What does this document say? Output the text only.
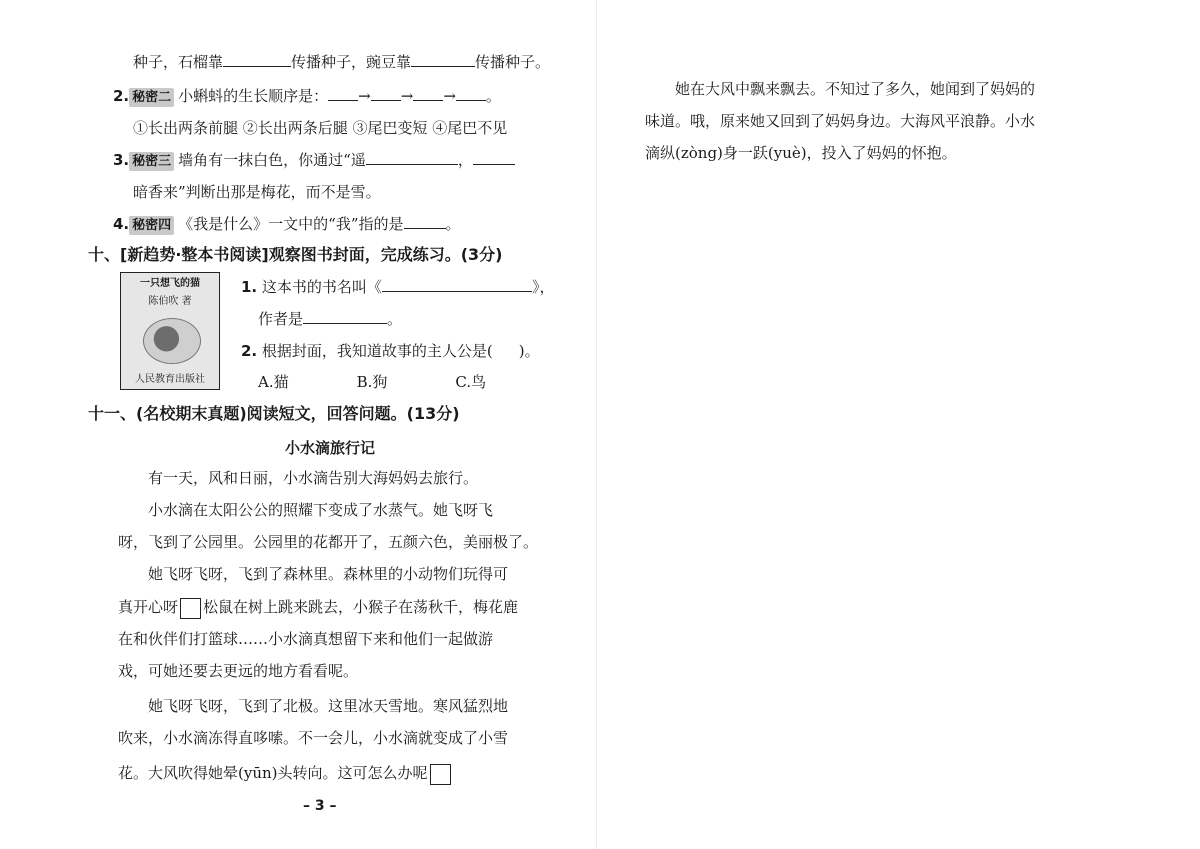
种子，石榴靠	传播种子，豌豆靠	传播种子。
2. 秘密二 小蝌蚪的生长顺序是： → → → 。
①长出两条前腿 ②长出两条后腿 ③尾巴变短 ④尾巴不见
3. 秘密三 墙角有一抹白色，你通过“遥	，
暗香来”判断出那是梅花，而不是雪。
4. 秘密四 《我是什么》一文中的“我”指的是	。
十、[新趋势·整本书阅读]观察图书封面，完成练习。(3分)
一只想飞的猫
陈伯吹 著
人民教育出版社
1. 这本书的书名叫《	》，
作者是	。
2. 根据封面，我知道故事的主人公是( )。
A.猫	B.狗	C.鸟
十一、(名校期末真题)阅读短文，回答问题。(13分)
小水滴旅行记
有一天，风和日丽，小水滴告别大海妈妈去旅行。
小水滴在太阳公公的照耀下变成了水蒸气。她飞呀飞
呀，飞到了公园里。公园里的花都开了，五颜六色，美丽极了。
她飞呀飞呀，飞到了森林里。森林里的小动物们玩得可
真开心呀 松鼠在树上跳来跳去，小猴子在荡秋千，梅花鹿
在和伙伴们打篮球……小水滴真想留下来和他们一起做游
戏，可她还要去更远的地方看看呢。
她飞呀飞呀，飞到了北极。这里冰天雪地。寒风猛烈地
吹来，小水滴冻得直哆嗦。不一会儿，小水滴就变成了小雪
花。大风吹得她晕(yūn)头转向。这可怎么办呢
– 3 –
她在大风中飘来飘去。不知过了多久，她闻到了妈妈的
味道。哦，原来她又回到了妈妈身边。大海风平浪静。小水
滴纵(zòng)身一跃(yuè)，投入了妈妈的怀抱。
